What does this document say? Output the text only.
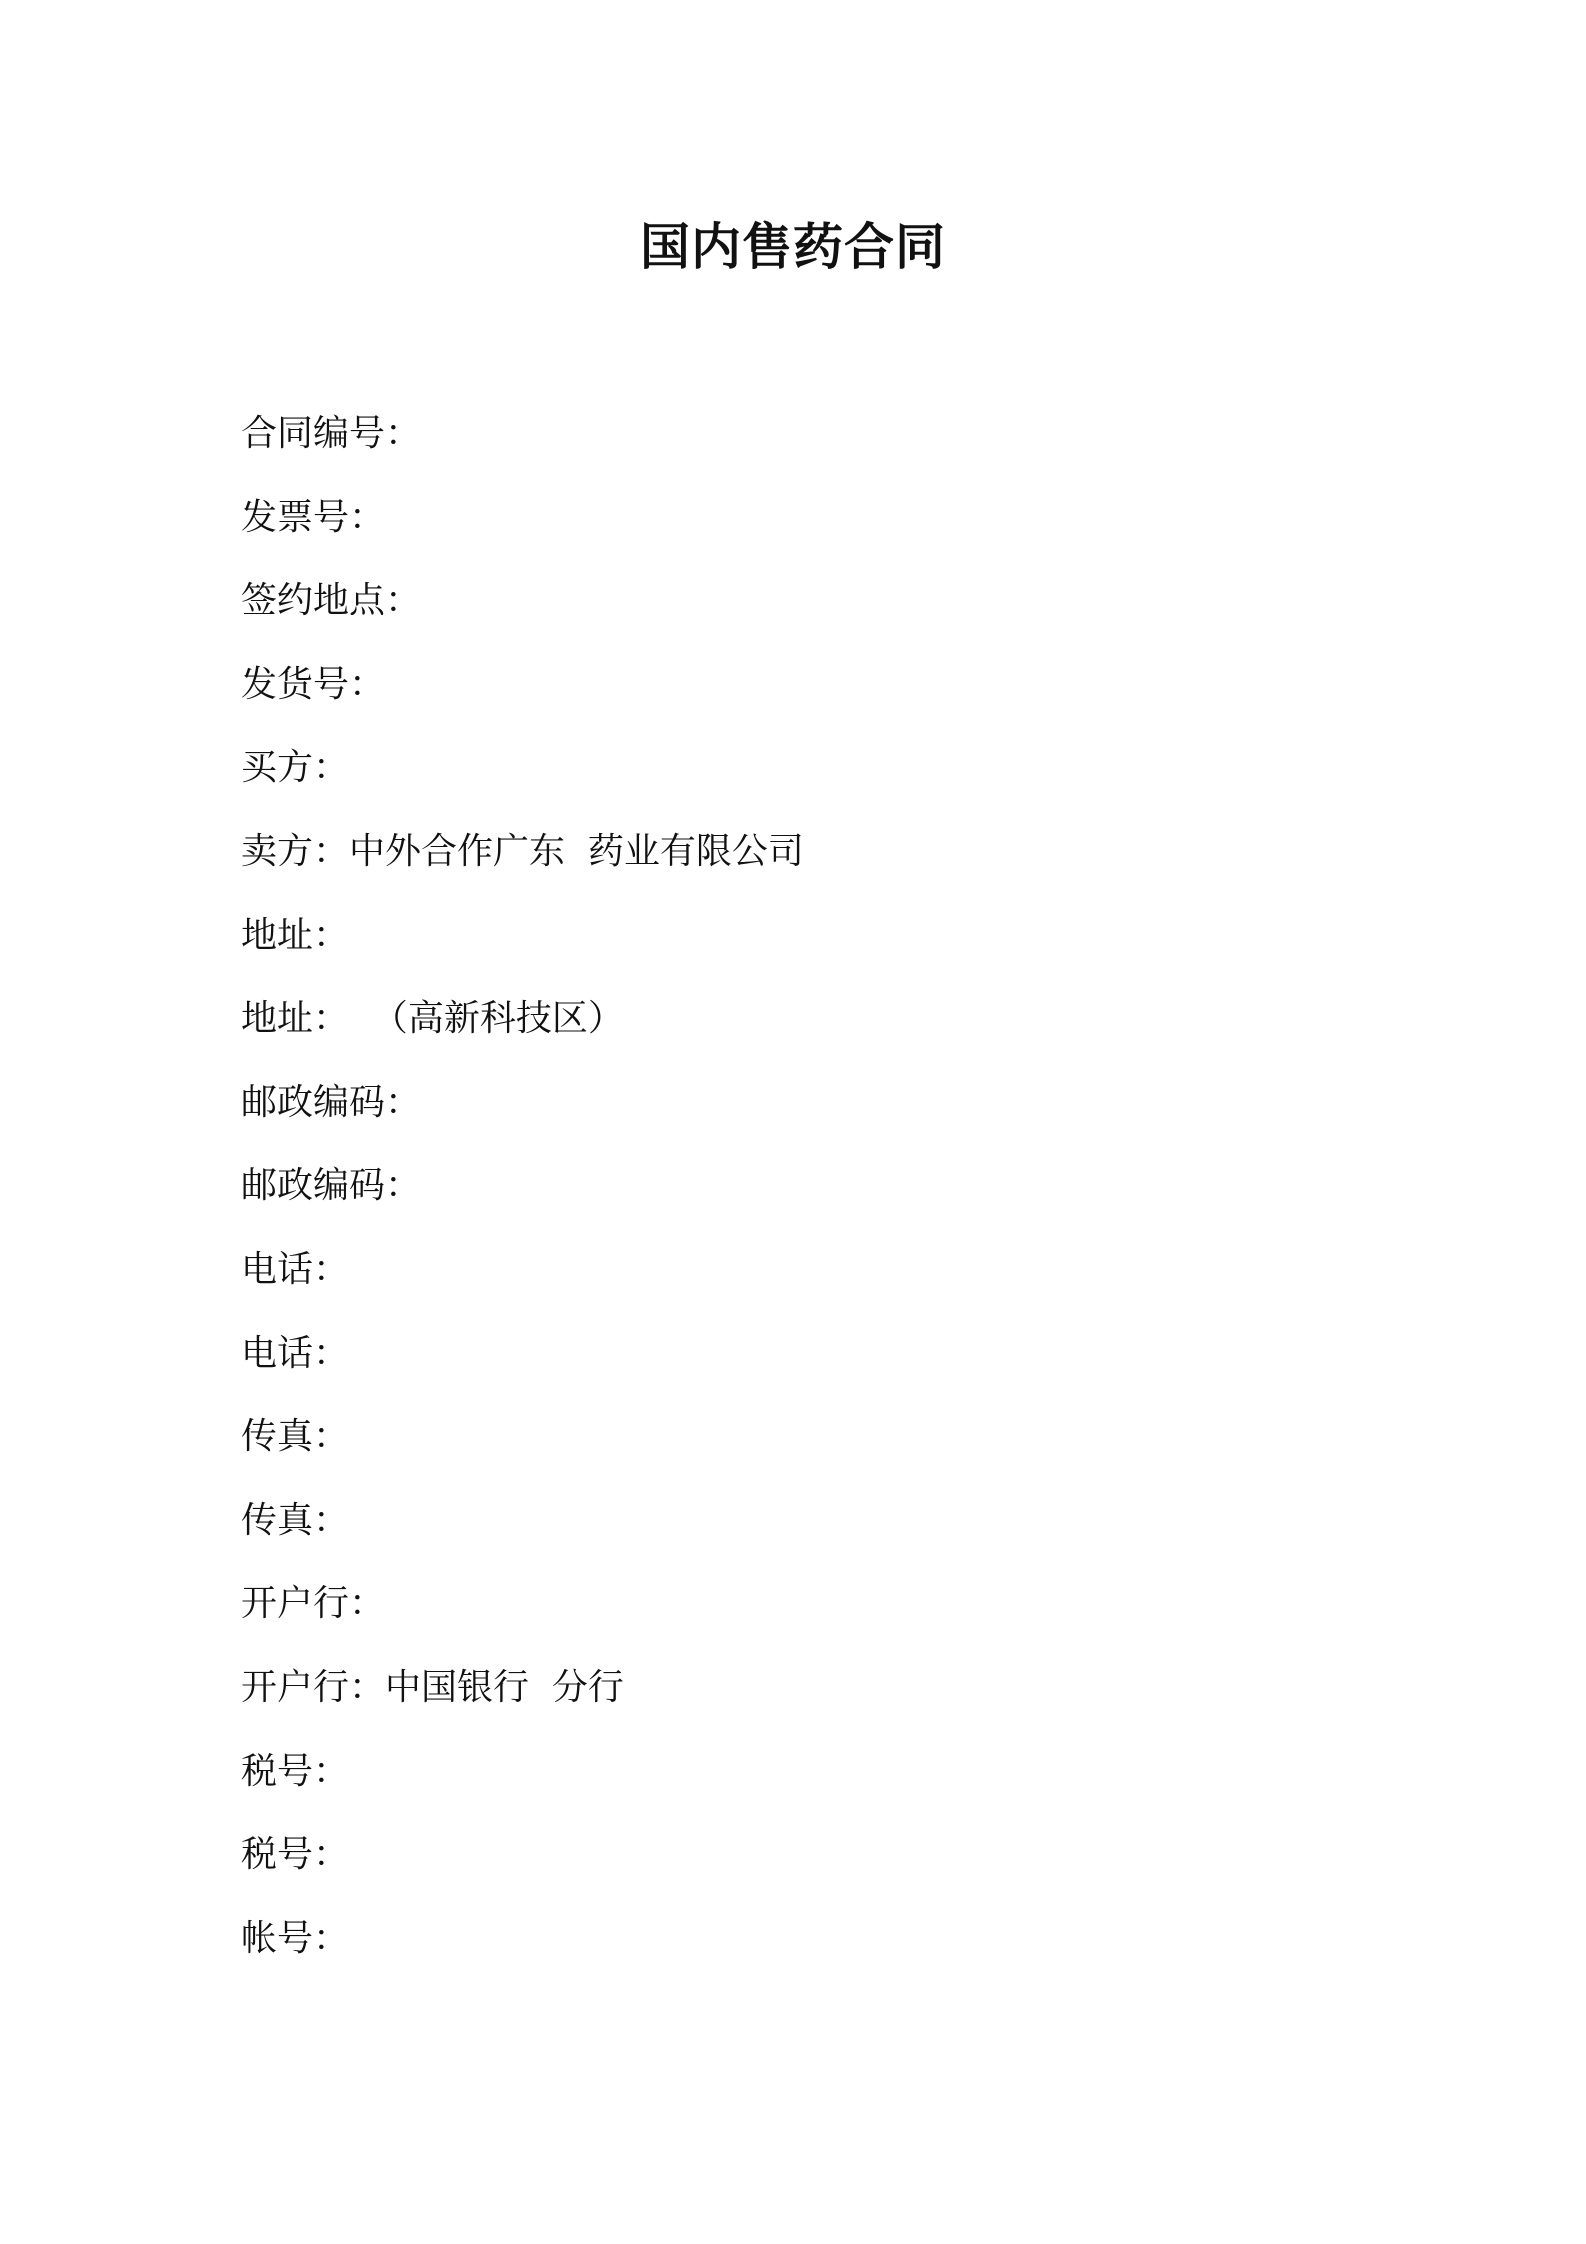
国内售药合同
合同编号：
发票号：
签约地点：
发货号：
买方：
卖方：中外合作广东  药业有限公司
地址：
地址：  （高新科技区）
邮政编码：
邮政编码：
电话：
电话：
传真：
传真：
开户行：
开户行：中国银行  分行
税号：
税号：
帐号：
